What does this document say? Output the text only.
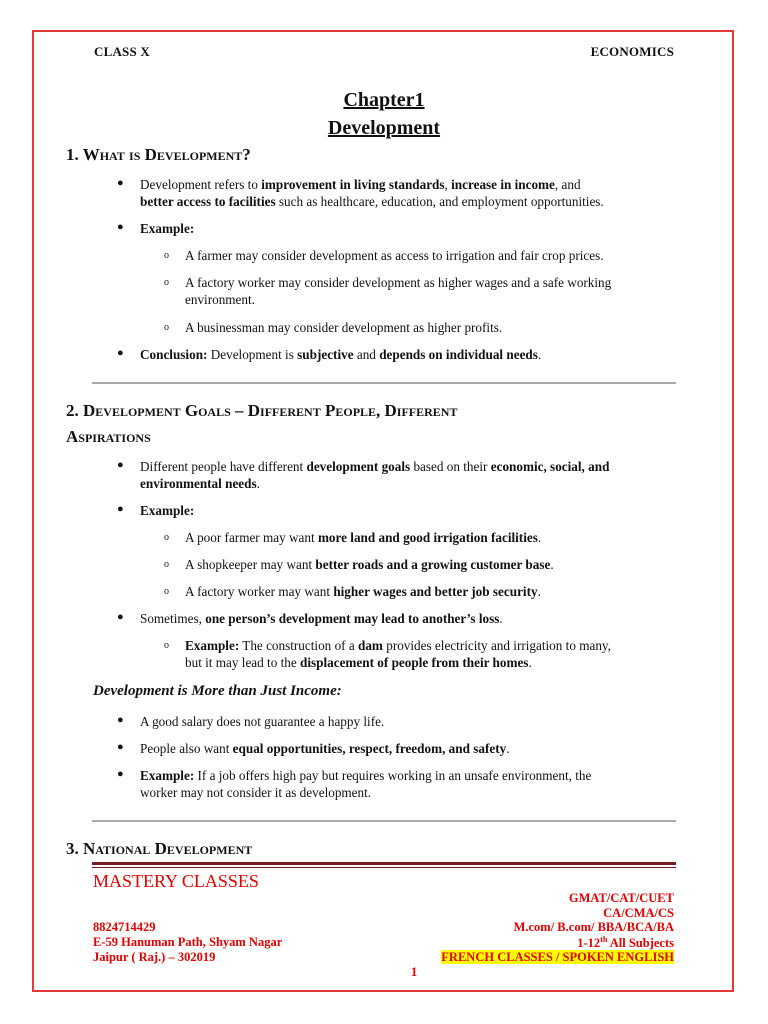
CLASS X	ECONOMICS
Chapter1
Development
1. What is Development?
● Development refers to improvement in living standards, increase in income, and
better access to facilities such as healthcare, education, and employment opportunities.
● Example:
o A farmer may consider development as access to irrigation and fair crop prices.
o A factory worker may consider development as higher wages and a safe working
environment.
o A businessman may consider development as higher profits.
● Conclusion: Development is subjective and depends on individual needs.
2. Development Goals – Different People, Different
Aspirations
● Different people have different development goals based on their economic, social, and
environmental needs.
● Example:
o A poor farmer may want more land and good irrigation facilities.
o A shopkeeper may want better roads and a growing customer base.
o A factory worker may want higher wages and better job security.
● Sometimes, one person’s development may lead to another’s loss.
o Example: The construction of a dam provides electricity and irrigation to many,
but it may lead to the displacement of people from their homes.
Development is More than Just Income:
● A good salary does not guarantee a happy life.
● People also want equal opportunities, respect, freedom, and safety.
● Example: If a job offers high pay but requires working in an unsafe environment, the
worker may not consider it as development.
3. National Development
MASTERY CLASSES
8824714429
E-59 Hanuman Path, Shyam Nagar
Jaipur ( Raj.) – 302019
GMAT/CAT/CUET
CA/CMA/CS
M.com/ B.com/ BBA/BCA/BA
1-12th All Subjects
FRENCH CLASSES / SPOKEN ENGLISH
1
